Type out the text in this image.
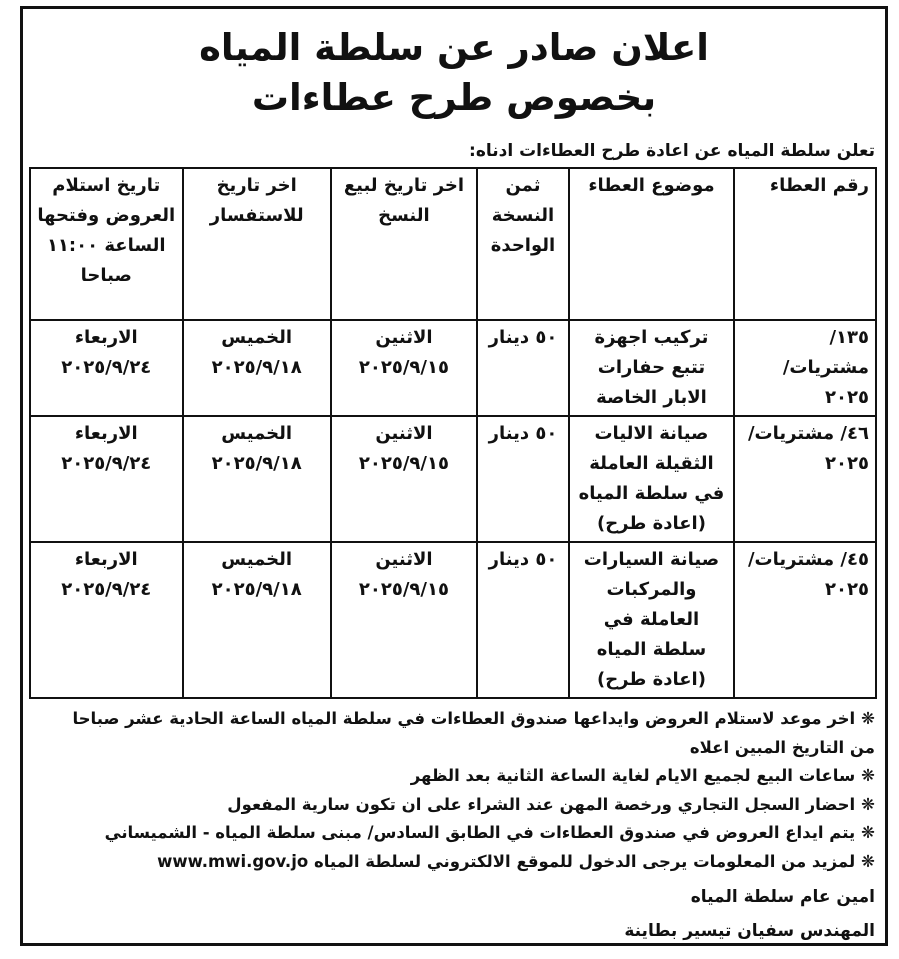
اعلان صادر عن سلطة المياه
بخصوص طرح عطاءات
تعلن سلطة المياه عن اعادة طرح العطاءات ادناه:
رقم العطاء	موضوع العطاء	ثمن النسخة الواحدة	اخر تاريخ لبيع النسخ	اخر تاريخ للاستفسار	تاريخ استلام العروض وفتحها الساعة ١١:٠٠ صباحا
١٣٥/ مشتريات/٢٠٢٥	تركيب اجهزة تتبع حفارات الابار الخاصة	٥٠ دينار	الاثنين ٢٠٢٥/٩/١٥	الخميس ٢٠٢٥/٩/١٨	الاربعاء ٢٠٢٥/٩/٢٤
٤٦/ مشتريات/٢٠٢٥	صيانة الاليات الثقيلة العاملة في سلطة المياه (اعادة طرح)	٥٠ دينار	الاثنين ٢٠٢٥/٩/١٥	الخميس ٢٠٢٥/٩/١٨	الاربعاء ٢٠٢٥/٩/٢٤
٤٥/ مشتريات/٢٠٢٥	صيانة السيارات والمركبات العاملة في سلطة المياه (اعادة طرح)	٥٠ دينار	الاثنين ٢٠٢٥/٩/١٥	الخميس ٢٠٢٥/٩/١٨	الاربعاء ٢٠٢٥/٩/٢٤
❋اخر موعد لاستلام العروض وايداعها صندوق العطاءات في سلطة المياه الساعة الحادية عشر صباحا
من التاريخ المبين اعلاه
❋ساعات البيع لجميع الايام لغاية الساعة الثانية بعد الظهر
❋احضار السجل التجاري ورخصة المهن عند الشراء على ان تكون سارية المفعول
❋يتم ايداع العروض في صندوق العطاءات في الطابق السادس/ مبنى سلطة المياه - الشميساني
❋لمزيد من المعلومات يرجى الدخول للموقع الالكتروني لسلطة المياه www.mwi.gov.jo
امين عام سلطة المياه
المهندس سفيان تيسير بطاينة
